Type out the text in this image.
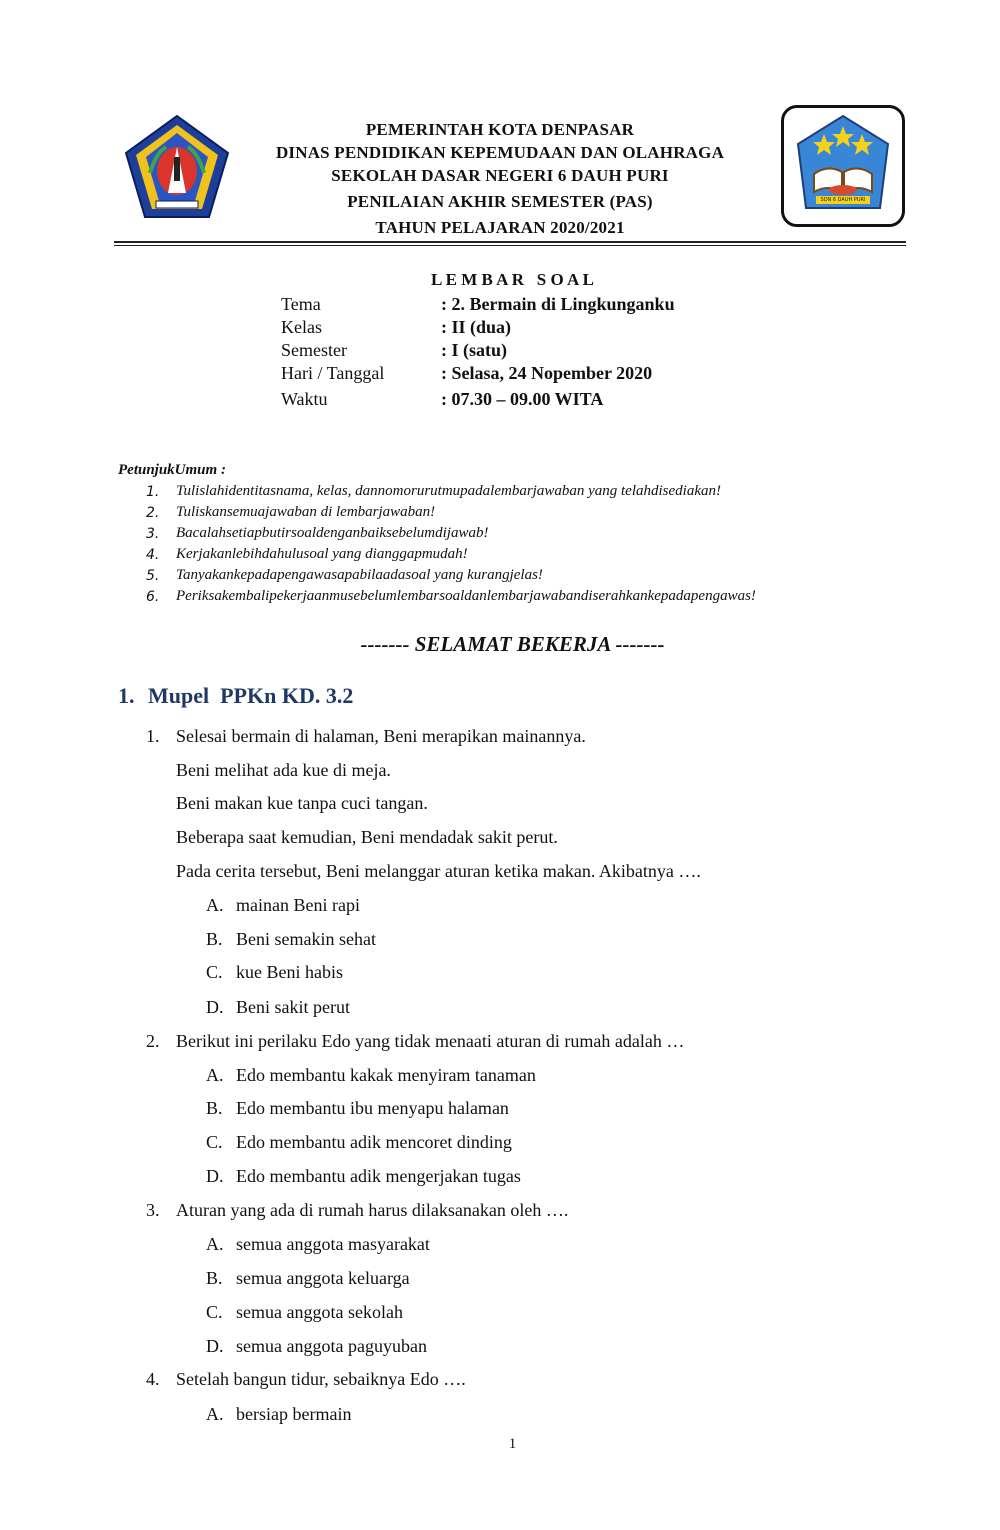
PEMERINTAH KOTA DENPASAR
DINAS PENDIDIKAN KEPEMUDAAN DAN OLAHRAGA
SEKOLAH DASAR NEGERI 6 DAUH PURI
PENILAIAN AKHIR SEMESTER (PAS)
TAHUN PELAJARAN 2020/2021
SDN 6 DAUH PURI
L E M B A R   S O A L
Tema	: 2. Bermain di Lingkunganku
Kelas	: II (dua)
Semester	: I (satu)
Hari / Tanggal	: Selasa, 24 Nopember 2020
Waktu	: 07.30 – 09.00 WITA
PetunjukUmum :
1. Tulislahidentitasnama, kelas, dannomorurutmupadalembarjawaban yang telahdisediakan!
2. Tuliskansemuajawaban di lembarjawaban!
3. Bacalahsetiapbutirsoaldenganbaiksebelumdijawab!
4. Kerjakanlebihdahulusoal yang dianggapmudah!
5. Tanyakankepadapengawasapabilaadasoal yang kurangjelas!
6. Periksakembalipekerjaanmusebelumlembarsoaldanlembarjawabandiserahkankepadapengawas!
------- SELAMAT BEKERJA -------
1. Mupel  PPKn KD. 3.2
1. Selesai bermain di halaman, Beni merapikan mainannya.
Beni melihat ada kue di meja.
Beni makan kue tanpa cuci tangan.
Beberapa saat kemudian, Beni mendadak sakit perut.
Pada cerita tersebut, Beni melanggar aturan ketika makan. Akibatnya ….
A. mainan Beni rapi
B. Beni semakin sehat
C. kue Beni habis
D. Beni sakit perut
2. Berikut ini perilaku Edo yang tidak menaati aturan di rumah adalah …
A. Edo membantu kakak menyiram tanaman
B. Edo membantu ibu menyapu halaman
C. Edo membantu adik mencoret dinding
D. Edo membantu adik mengerjakan tugas
3. Aturan yang ada di rumah harus dilaksanakan oleh ….
A. semua anggota masyarakat
B. semua anggota keluarga
C. semua anggota sekolah
D. semua anggota paguyuban
4. Setelah bangun tidur, sebaiknya Edo ….
A. bersiap bermain
1
